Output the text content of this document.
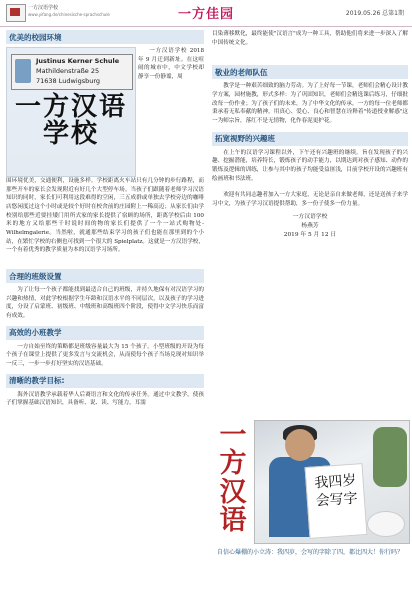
一方汉语学校
www.yifang.de/chinesische-sprachschule	一方佳园	2019.05.26 总第1期
优美的校园环境
Justinus Kerner Schule
Mathildenstraße 25
71638 Ludwigsburg
一方汉语学校
一方汉语学校 2018年 9 月迁到新址。在这喧闹的城市中，中文学校却静享一份静谧，周
围环境优美，交通便利，设施多样。学校距离火车站只有几分钟的步行路程，而那些开车的家长会发现附近有好几个大型停车场。当孩子们跟随着老师学习汉语知识的同时，家长们可利用这段难得的空闲，三五成群或单独去学校旁边的咖啡店悠闲度过这个小时或是较个好时在校舍前的庄园附上一稀高迈；从家长们由学校别给那些近要挂矮门用所式家的家长提供了宿顾的场所，距离学校后由 100 米的地方又给那些千时说时间的物的家长们提供了一个一站式购物处-Wilhelmgalerie。当然啦，就通那些结束学习的孩子们也能在那里到的个小站，在繁忙学校的右侧也可找到一个很大的 Spielplatz。这就是一方汉语学校，一个有着优秀的教学质量为本的汉语学习场所。
合理的班级设置

为了让每一个孩子都能找到最适合自己的班级，并持久地保有对汉语学习的兴趣和热情，对此学校根据学生年龄和汉语水平的不同层次，以及孩子的学习进度，分设了启蒙班、初级班、中级班和高级班四个阶段，使得中文学习快乐而富有成效。

高效的小班教学

一方自始至终的策略都是班级容量最大为 15 个孩子。小型班级的开设为每个孩子在课堂上提供了更多发言与交流机会，从而使每个孩子当场兑现对知识举一反三，一步一步打好坚实的汉语基础。

清晰的教学目标:

海外汉语教学承载着华人后裔语言和文化的传承任务。通过中文教学，使孩子们掌握基础汉语知识，具备听、说、读、写能力，耳濡

目染薄移默化，最终能使"汉语言"成为一种工具，帮助他们将来进一步深入了解中国传统文化。

敬业的老师队伍

教学是一种艰苦细致的脑力劳动。为了上好每一节课，老师们会精心设计教学方案，园材施教，形式多样：为了巩固知识，老师们会精选课后练习，仔细批改每一份作业；为了孩子们的未来，为了中华文化的传承，一方的每一位老师都秉承着无私奉献的精神，用真心、爱心、良心和智慧在诠释着"传道授业解惑"这一为师宗旨，落红不是无情物，化作春泥更护花。

拓宽视野的兴趣班

在上午的汉语学习课程以外，下午还有兴趣班的继续。旨在发现孩子的兴趣、挖掘潜能，培养特长，锻炼孩子的动手能力，以期达到对孩子感知、动作的锻炼及逻辑的训练，让参与其中的孩子均能受益匪浅，目前学校开设的兴趣班有绘画班和书法班。

欢迎有共同志趣者加入一方大家庭，无论是亲自来做老师，还是送孩子来学习中文，为孩子学习汉语提供帮助，多一份子使多一份力量。

一方汉语学校
杨燕芳
2019 年 5 月 12 日
一方汉语
我四岁会写字
自信心爆棚的小立涛：我四岁，会写的字除了四，都比四大！你行吗？
